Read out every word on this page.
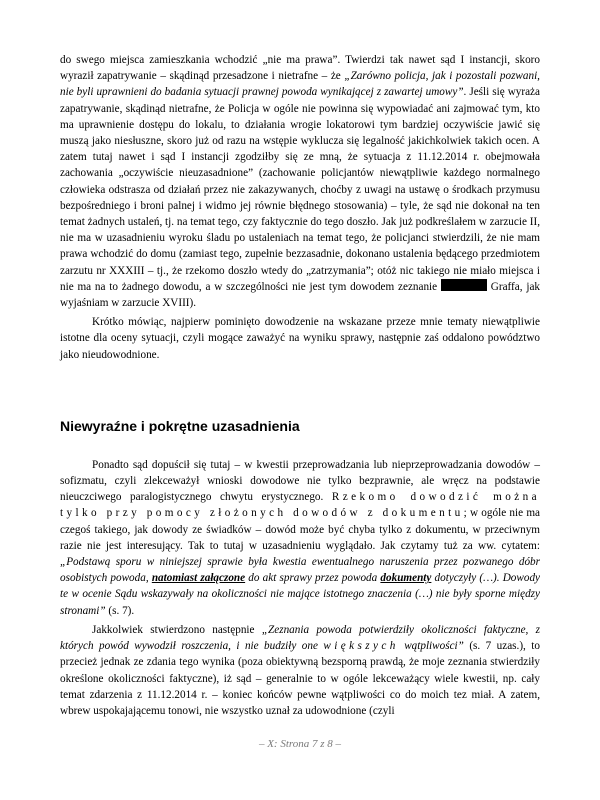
do swego miejsca zamieszkania wchodzić „nie ma prawa”. Twierdzi tak nawet sąd I instancji, skoro wyraził zapatrywanie – skądinąd przesadzone i nietrafne – że „Zarówno policja, jak i pozostali pozwani, nie byli uprawnieni do badania sytuacji prawnej powoda wynikającej z zawartej umowy”. Jeśli się wyraża zapatrywanie, skądinąd nietrafne, że Policja w ogóle nie powinna się wypowiadać ani zajmować tym, kto ma uprawnienie dostępu do lokalu, to działania wrogie lokatorowi tym bardziej oczywiście jawić się muszą jako niesłuszne, skoro już od razu na wstępie wyklucza się legalność jakichkolwiek takich ocen. A zatem tutaj nawet i sąd I instancji zgodziłby się ze mną, że sytuacja z 11.12.2014 r. obejmowała zachowania „oczywiście nieuzasadnione” (zachowanie policjantów niewątpliwie każdego normalnego człowieka odstrasza od działań przez nie zakazywanych, choćby z uwagi na ustawę o środkach przymusu bezpośredniego i broni palnej i widmo jej równie błędnego stosowania) – tyle, że sąd nie dokonał na ten temat żadnych ustaleń, tj. na temat tego, czy faktycznie do tego doszło. Jak już podkreślałem w zarzucie II, nie ma w uzasadnieniu wyroku śladu po ustaleniach na temat tego, że policjanci stwierdzili, że nie mam prawa wchodzić do domu (zamiast tego, zupełnie bezzasadnie, dokonano ustalenia będącego przedmiotem zarzutu nr XXXIII – tj., że rzekomo doszło wtedy do „zatrzymania”; otóż nic takiego nie miało miejsca i nie ma na to żadnego dowodu, a w szczególności nie jest tym dowodem zeznanie	Graffa, jak wyjaśniam w zarzucie XVIII).

Krótko mówiąc, najpierw pominięto dowodzenie na wskazane przeze mnie tematy niewątpliwie istotne dla oceny sytuacji, czyli mogące zaważyć na wyniku sprawy, następnie zaś oddalono powództwo jako nieudowodnione.

Niewyraźne i pokrętne uzasadnienia

Ponadto sąd dopuścił się tutaj – w kwestii przeprowadzania lub nieprzeprowadzania dowodów – sofizmatu, czyli zlekceważył wnioski dowodowe nie tylko bezprawnie, ale wręcz na podstawie nieuczciwego paralogistycznego chwytu erystycznego. Rzekomo dowodzić można tylko przy pomocy złożonych dowodów z dokumentu; w ogóle nie ma czegoś takiego, jak dowody ze świadków – dowód może być chyba tylko z dokumentu, w przeciwnym razie nie jest interesujący. Tak to tutaj w uzasadnieniu wyglądało. Jak czytamy tuż za ww. cytatem: „Podstawą sporu w niniejszej sprawie była kwestia ewentualnego naruszenia przez pozwanego dóbr osobistych powoda, natomiast załączone do akt sprawy przez powoda dokumenty dotyczyły (…). Dowody te w ocenie Sądu wskazywały na okoliczności nie mające istotnego znaczenia (…) nie były sporne między stronami” (s. 7).

Jakkolwiek stwierdzono następnie „Zeznania powoda potwierdziły okoliczności faktyczne, z których powód wywodził roszczenia, i nie budziły one większych wątpliwości” (s. 7 uzas.), to przecież jednak ze zdania tego wynika (poza obiektywną bezsporną prawdą, że moje zeznania stwierdziły określone okoliczności faktyczne), iż sąd – generalnie to w ogóle lekceważący wiele kwestii, np. cały temat zdarzenia z 11.12.2014 r. – koniec końców pewne wątpliwości co do moich tez miał. A zatem, wbrew uspokajającemu tonowi, nie wszystko uznał za udowodnione (czyli

– X: Strona 7 z 8 –
